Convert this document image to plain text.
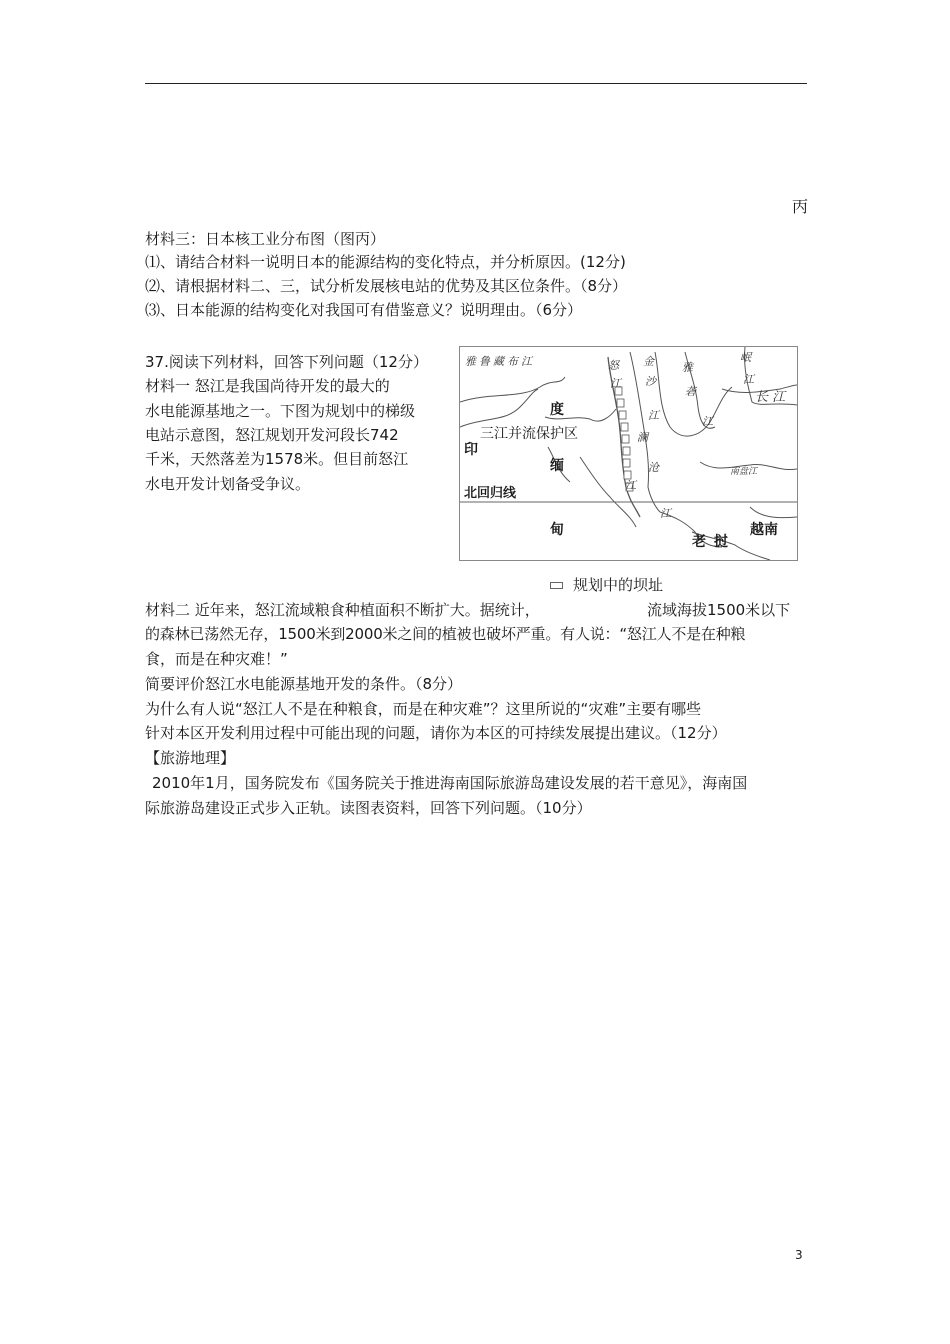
丙
材料三：日本核工业分布图（图丙）
⑴、请结合材料一说明日本的能源结构的变化特点，并分析原因。(12分)
⑵、请根据材料二、三，试分析发展核电站的优势及其区位条件。（8分）
⑶、日本能源的结构变化对我国可有借鉴意义？说明理由。（6分）
37.阅读下列材料，回答下列问题（12分）
材料一 怒江是我国尚待开发的最大的
水电能源基地之一。下图为规划中的梯级
电站示意图，怒江规划开发河段长742
千米，天然落差为1578米。但目前怒江
水电开发计划备受争议。
雅鲁藏布江	怒
江
金
沙
江
雅
砻
江
岷
江
长 江
澜
沧
江
南盘江
江
度
印
缅
甸
老挝
越南
三江并流保护区
北回归线
规划中的坝址
材料二 近年来，怒江流域粮食种植面积不断扩大。据统计，	流域海拔1500米以下
的森林已荡然无存，1500米到2000米之间的植被也破坏严重。有人说：“怒江人不是在种粮
食，而是在种灾难！”
简要评价怒江水电能源基地开发的条件。（8分）
为什么有人说“怒江人不是在种粮食，而是在种灾难”？这里所说的“灾难”主要有哪些
针对本区开发利用过程中可能出现的问题，请你为本区的可持续发展提出建议。（12分）
【旅游地理】
2010年1月，国务院发布《国务院关于推进海南国际旅游岛建设发展的若干意见》，海南国
际旅游岛建设正式步入正轨。读图表资料，回答下列问题。（10分）
3
